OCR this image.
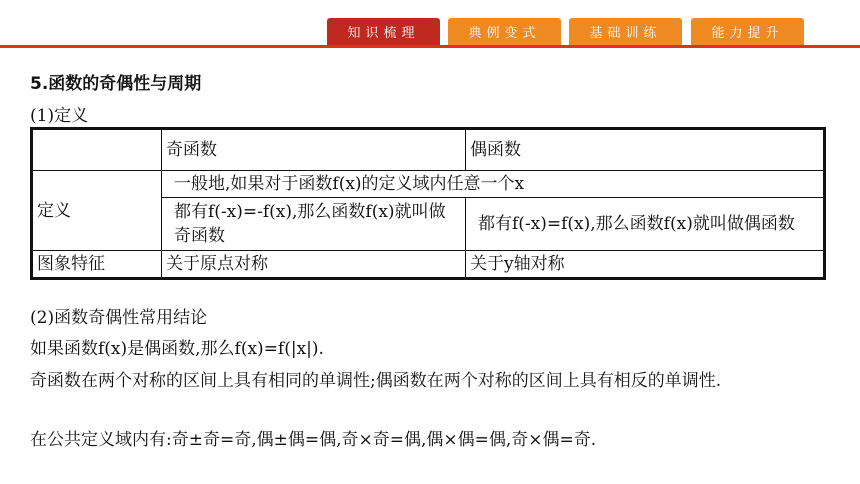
知识梳理	典例变式	基础训练	能力提升
5.函数的奇偶性与周期
(1)定义
	奇函数	偶函数
定义	一般地,如果对于函数f(x)的定义域内任意一个x	
	都有f(-x)=-f(x),那么函数f(x)就叫做奇函数	都有f(-x)=f(x),那么函数f(x)就叫做偶函数
图象特征	关于原点对称	关于y轴对称
(2)函数奇偶性常用结论
如果函数f(x)是偶函数,那么f(x)=f(|x|).
奇函数在两个对称的区间上具有相同的单调性;偶函数在两个对称的区间上具有相反的单调性.
在公共定义域内有:奇±奇=奇,偶±偶=偶,奇×奇=偶,偶×偶=偶,奇×偶=奇.
